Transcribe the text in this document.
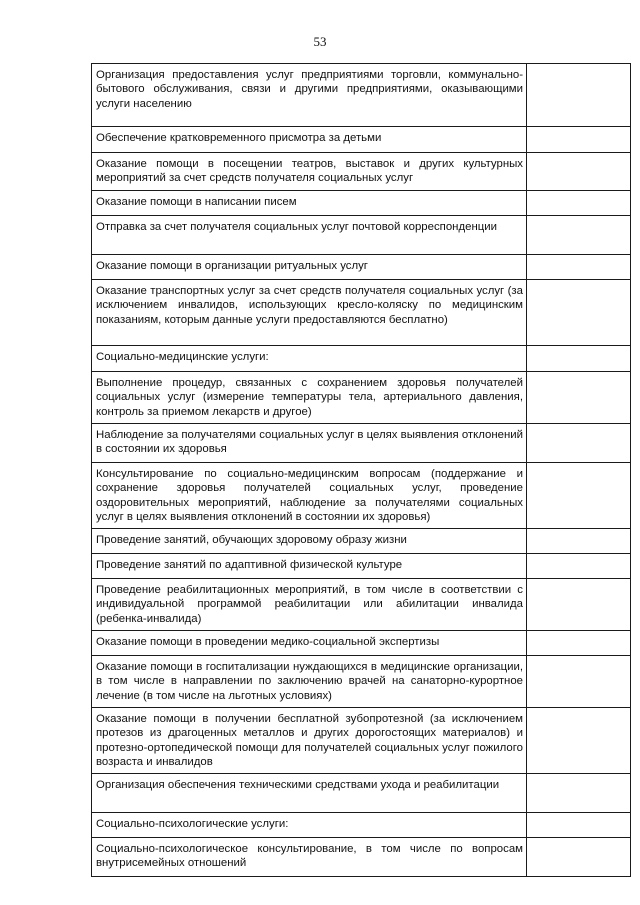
53
Организация предоставления услуг предприятиями торговли, коммунально-бытового обслуживания, связи и другими предприятиями, оказывающими услуги населению	

Обеспечение кратковременного присмотра за детьми	

Оказание помощи в посещении театров, выставок и других культурных мероприятий за счет средств получателя социальных услуг	

Оказание помощи в написании писем	

Отправка за счет получателя социальных услуг почтовой корреспонденции	

Оказание помощи в организации ритуальных услуг	

Оказание транспортных услуг за счет средств получателя социальных услуг (за исключением инвалидов, использующих кресло-коляску по медицинским показаниям, которым данные услуги предоставляются бесплатно)	

Социально-медицинские услуги:	

Выполнение процедур, связанных с сохранением здоровья получателей социальных услуг (измерение температуры тела, артериального давления, контроль за приемом лекарств и другое)	

Наблюдение за получателями социальных услуг в целях выявления отклонений в состоянии их здоровья	

Консультирование по социально-медицинским вопросам (поддержание и сохранение здоровья получателей социальных услуг, проведение оздоровительных мероприятий, наблюдение за получателями социальных услуг в целях выявления отклонений в состоянии их здоровья)	

Проведение занятий, обучающих здоровому образу жизни	

Проведение занятий по адаптивной физической культуре	

Проведение реабилитационных мероприятий, в том числе в соответствии с индивидуальной программой реабилитации или абилитации инвалида (ребенка-инвалида)	

Оказание помощи в проведении медико-социальной экспертизы	

Оказание помощи в госпитализации нуждающихся в медицинские организации, в том числе в направлении по заключению врачей на санаторно-курортное лечение (в том числе на льготных условиях)	

Оказание помощи в получении бесплатной зубопротезной (за исключением протезов из драгоценных металлов и других дорогостоящих материалов) и протезно-ортопедической помощи для получателей социальных услуг пожилого возраста и инвалидов	

Организация обеспечения техническими средствами ухода и реабилитации	

Социально-психологические услуги:	

Социально-психологическое консультирование, в том числе по вопросам внутрисемейных отношений	
